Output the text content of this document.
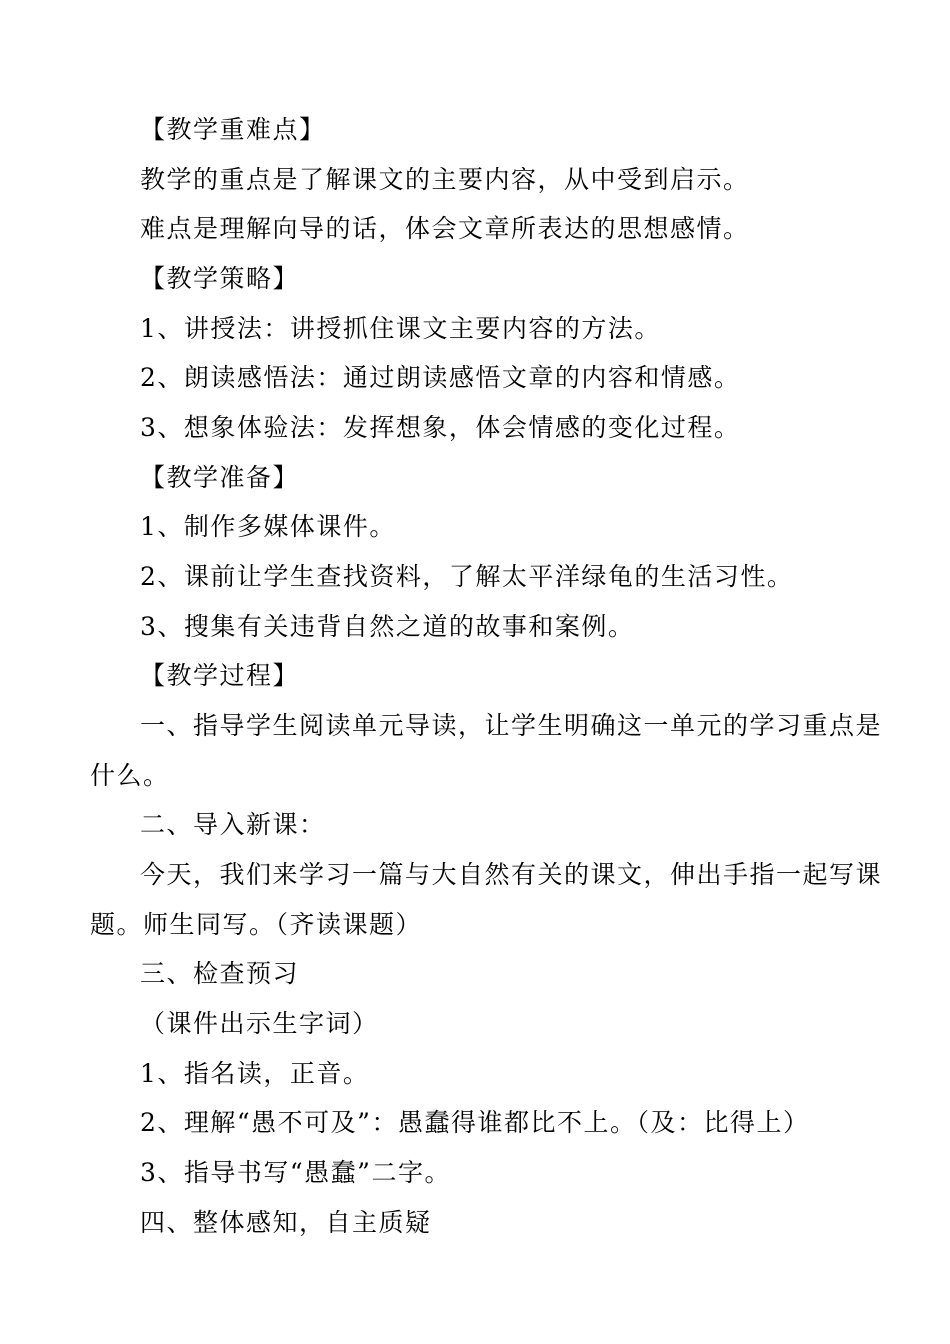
【教学重难点】
教学的重点是了解课文的主要内容，从中受到启示。
难点是理解向导的话，体会文章所表达的思想感情。
【教学策略】
1、讲授法：讲授抓住课文主要内容的方法。
2、朗读感悟法：通过朗读感悟文章的内容和情感。
3、想象体验法：发挥想象，体会情感的变化过程。
【教学准备】
1、制作多媒体课件。
2、课前让学生查找资料，了解太平洋绿龟的生活习性。
3、搜集有关违背自然之道的故事和案例。
【教学过程】
一、指导学生阅读单元导读，让学生明确这一单元的学习重点是
什么。
二、导入新课：
今天，我们来学习一篇与大自然有关的课文，伸出手指一起写课
题。师生同写。（齐读课题）
三、检查预习
（课件出示生字词）
1、指名读，正音。
2、理解“愚不可及”：愚蠢得谁都比不上。（及：比得上）
3、指导书写“愚蠢”二字。
四、整体感知，自主质疑
